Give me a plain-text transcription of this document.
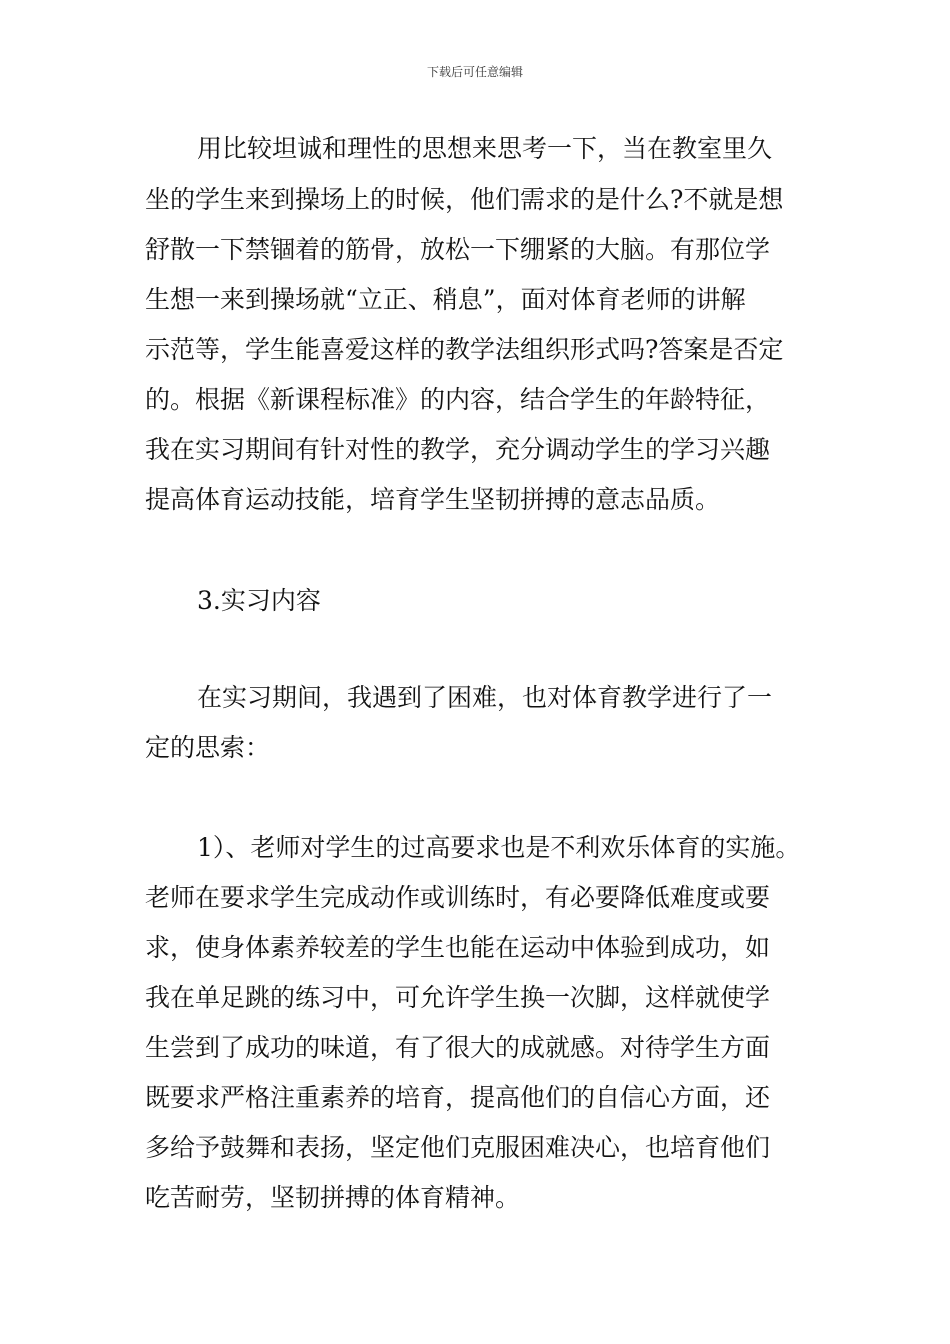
下载后可任意编辑
用比较坦诚和理性的思想来思考一下，当在教室里久
坐的学生来到操场上的时候，他们需求的是什么?不就是想
舒散一下禁锢着的筋骨，放松一下绷紧的大脑。有那位学
生想一来到操场就“立正、稍息”，面对体育老师的讲解
示范等，学生能喜爱这样的教学法组织形式吗?答案是否定
的。根据《新课程标准》的内容，结合学生的年龄特征，
我在实习期间有针对性的教学，充分调动学生的学习兴趣
提高体育运动技能，培育学生坚韧拼搏的意志品质。
3.实习内容
在实习期间，我遇到了困难，也对体育教学进行了一
定的思索：
1）、老师对学生的过高要求也是不利欢乐体育的实施。
老师在要求学生完成动作或训练时，有必要降低难度或要
求，使身体素养较差的学生也能在运动中体验到成功，如
我在单足跳的练习中，可允许学生换一次脚，这样就使学
生尝到了成功的味道，有了很大的成就感。对待学生方面
既要求严格注重素养的培育，提高他们的自信心方面，还
多给予鼓舞和表扬，坚定他们克服困难决心，也培育他们
吃苦耐劳，坚韧拼搏的体育精神。
